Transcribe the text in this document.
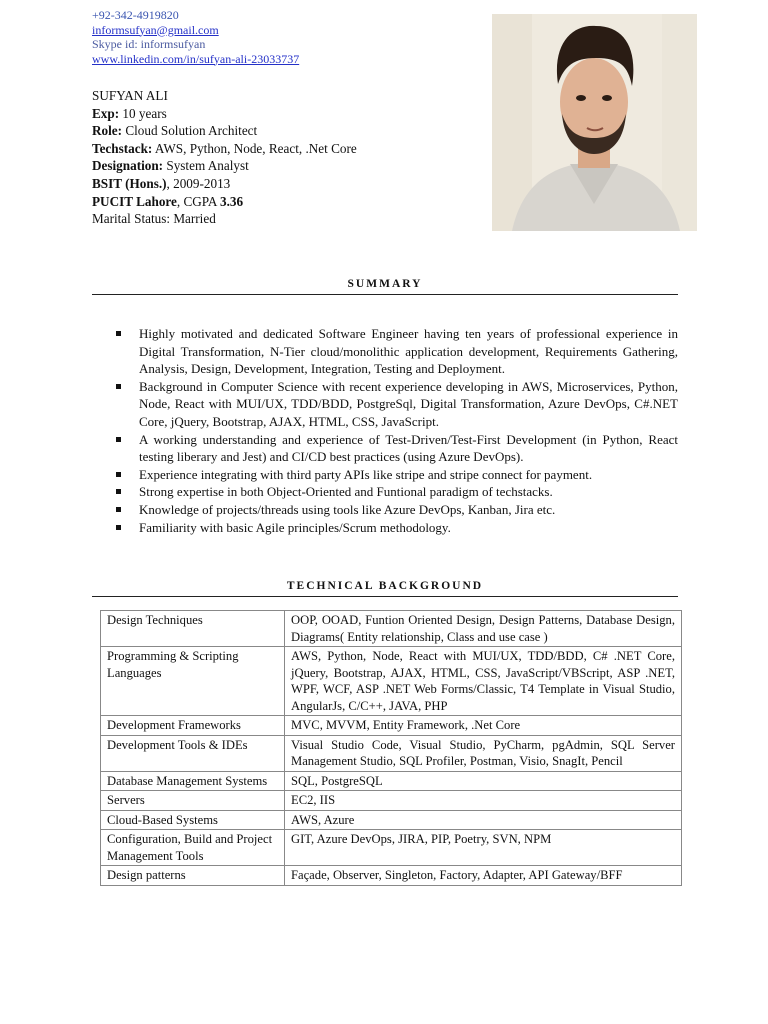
+92-342-4919820
informsufyan@gmail.com
Skype id: informsufyan
www.linkedin.com/in/sufyan-ali-23033737
SUFYAN ALI
Exp: 10 years
Role: Cloud Solution Architect
Techstack: AWS, Python, Node, React, .Net Core
Designation: System Analyst
BSIT (Hons.), 2009-2013
PUCIT Lahore, CGPA 3.36
Marital Status: Married
SUMMARY
Highly motivated and dedicated Software Engineer having ten years of professional experience in Digital Transformation, N-Tier cloud/monolithic application development, Requirements Gathering, Analysis, Design, Development, Integration, Testing and Deployment.
Background in Computer Science with recent experience developing in AWS, Microservices, Python, Node, React with MUI/UX, TDD/BDD, PostgreSql, Digital Transformation, Azure DevOps, C#.NET Core, jQuery, Bootstrap, AJAX, HTML, CSS, JavaScript.
A working understanding and experience of Test-Driven/Test-First Development (in Python, React testing liberary and Jest) and CI/CD best practices (using Azure DevOps).
Experience integrating with third party APIs like stripe and stripe connect for payment.
Strong expertise in both Object-Oriented and Funtional paradigm of techstacks.
Knowledge of projects/threads using tools like Azure DevOps, Kanban, Jira etc.
Familiarity with basic Agile principles/Scrum methodology.
TECHNICAL BACKGROUND
Design Techniques	OOP, OOAD, Funtion Oriented Design, Design Patterns, Database Design, Diagrams( Entity relationship, Class and use case )
Programming & Scripting Languages	AWS, Python, Node, React with MUI/UX, TDD/BDD, C# .NET Core, jQuery, Bootstrap, AJAX, HTML, CSS, JavaScript/VBScript, ASP .NET, WPF, WCF, ASP .NET Web Forms/Classic, T4 Template in Visual Studio, AngularJs, C/C++, JAVA, PHP
Development Frameworks	MVC, MVVM, Entity Framework, .Net Core
Development Tools & IDEs	Visual Studio Code, Visual Studio, PyCharm, pgAdmin, SQL Server Management Studio, SQL Profiler, Postman, Visio, SnagIt, Pencil
Database Management Systems	SQL, PostgreSQL
Servers	EC2, IIS
Cloud-Based Systems	AWS, Azure
Configuration, Build and Project Management Tools	GIT, Azure DevOps, JIRA, PIP, Poetry, SVN, NPM
Design patterns	Façade, Observer, Singleton, Factory, Adapter, API Gateway/BFF
